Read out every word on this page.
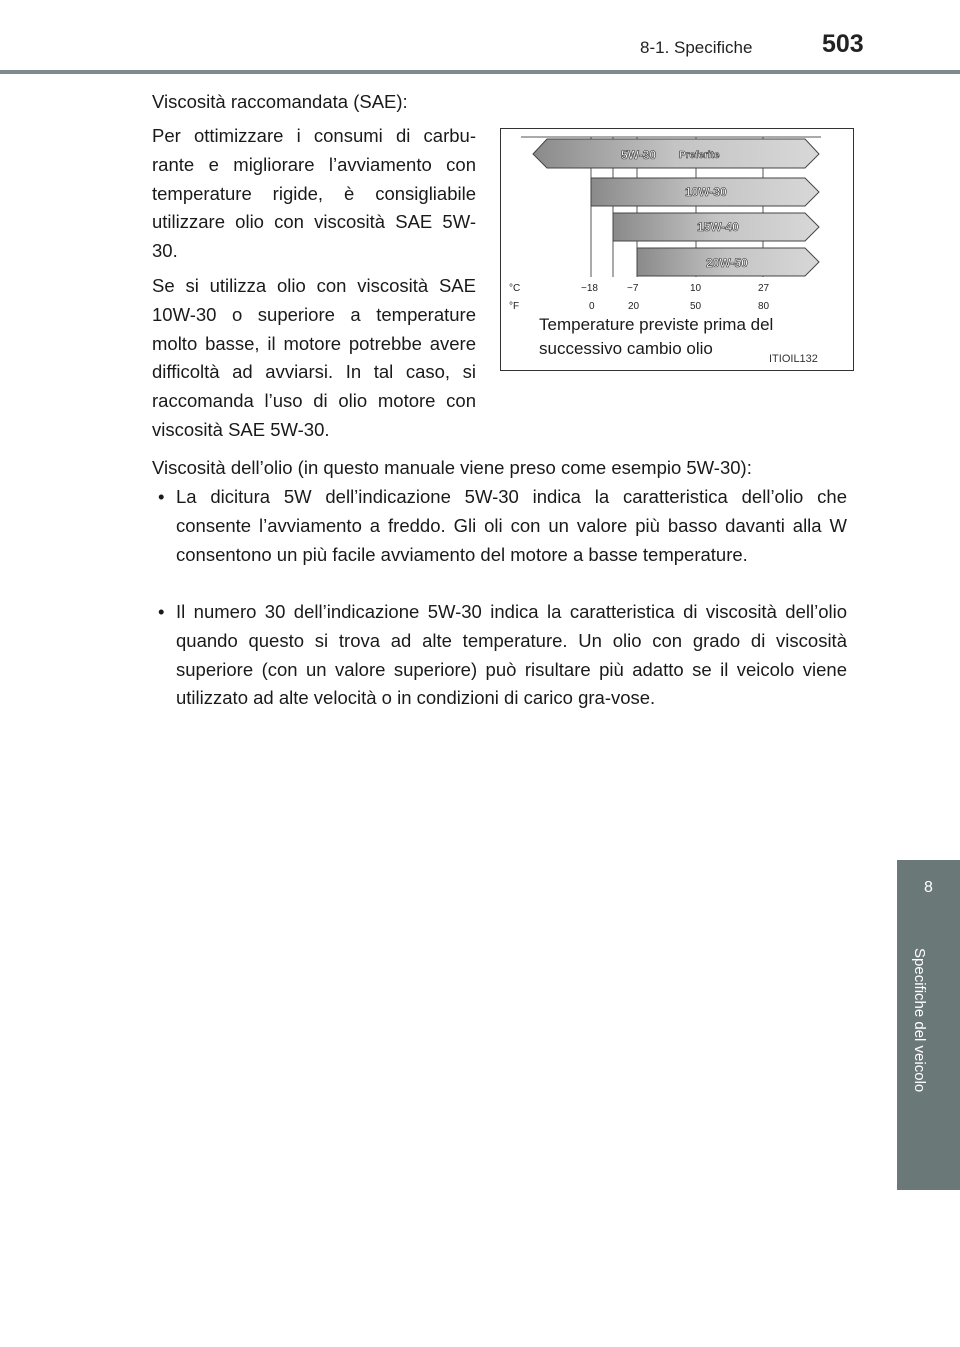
8-1. Specifiche	503
8
Specifiche del veicolo
Viscosità raccomandata (SAE):
Per ottimizzare i consumi di carbu-rante e migliorare l’avviamento con temperature rigide, è consigliabile utilizzare olio con viscosità SAE 5W-30.
Se si utilizza olio con viscosità SAE 10W-30 o superiore a temperature molto basse, il motore potrebbe avere difficoltà ad avviarsi. In tal caso, si raccomanda l’uso di olio motore con viscosità SAE 5W-30.
5W-30 Preferite
10W-30
15W-40
20W-50
°C
°F
−18	−7	10	27
0	20	50	80
Temperature previste prima del
successivo cambio olio
ITIOIL132
Viscosità dell’olio (in questo manuale viene preso come esempio 5W-30):
• La dicitura 5W dell’indicazione 5W-30 indica la caratteristica dell’olio che consente l’avviamento a freddo. Gli oli con un valore più basso davanti alla W consentono un più facile avviamento del motore a basse temperature.
• Il numero 30 dell’indicazione 5W-30 indica la caratteristica di viscosità dell’olio quando questo si trova ad alte temperature. Un olio con grado di viscosità superiore (con un valore superiore) può risultare più adatto se il veicolo viene utilizzato ad alte velocità o in condizioni di carico gra-vose.
